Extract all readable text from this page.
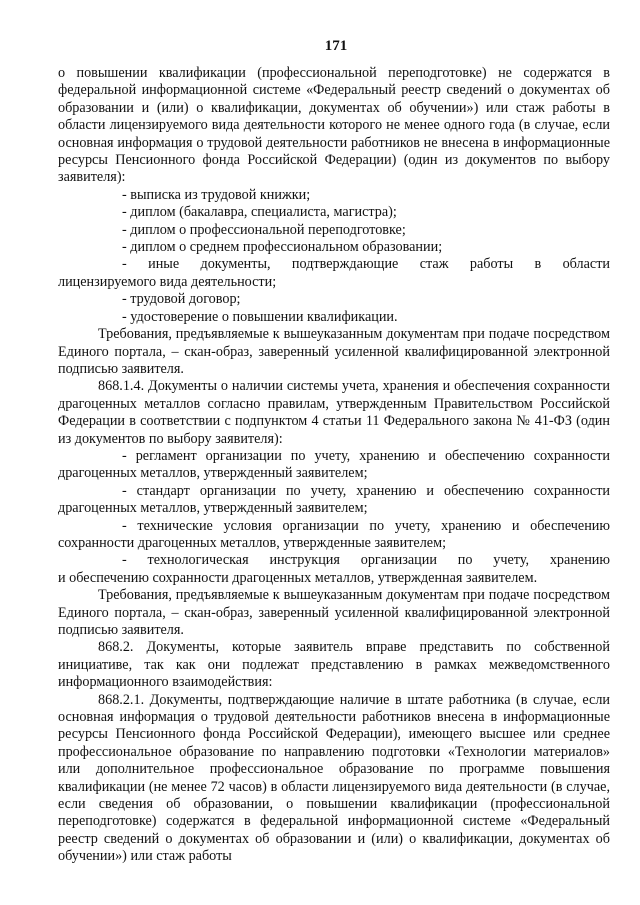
171
о повышении квалификации (профессиональной переподготовке) не содержатся в федеральной информационной системе «Федеральный реестр сведений о документах об образовании и (или) о квалификации, документах об обучении») или стаж работы в области лицензируемого вида деятельности которого не менее одного года (в случае, если основная информация о трудовой деятельности работников не внесена в информационные ресурсы Пенсионного фонда Российской Федерации) (один из документов по выбору заявителя):
- выписка из трудовой книжки;
- диплом (бакалавра, специалиста, магистра);
- диплом о профессиональной переподготовке;
- диплом о среднем профессиональном образовании;
- иные документы, подтверждающие стаж работы в области
лицензируемого вида деятельности;
- трудовой договор;
- удостоверение о повышении квалификации.
Требования, предъявляемые к вышеуказанным документам при подаче посредством Единого портала, – скан-образ, заверенный усиленной квалифицированной электронной подписью заявителя.
868.1.4. Документы о наличии системы учета, хранения и обеспечения сохранности драгоценных металлов согласно правилам, утвержденным Правительством Российской Федерации в соответствии с подпунктом 4 статьи 11 Федерального закона № 41-ФЗ (один из документов по выбору заявителя):
- регламент организации по учету, хранению и обеспечению сохранности
драгоценных металлов, утвержденный заявителем;
- стандарт организации по учету, хранению и обеспечению сохранности
драгоценных металлов, утвержденный заявителем;
- технические условия организации по учету, хранению и обеспечению
сохранности драгоценных металлов, утвержденные заявителем;
- технологическая инструкция организации по учету, хранению
и обеспечению сохранности драгоценных металлов, утвержденная заявителем.
Требования, предъявляемые к вышеуказанным документам при подаче посредством Единого портала, – скан-образ, заверенный усиленной квалифицированной электронной подписью заявителя.
868.2. Документы, которые заявитель вправе представить по собственной инициативе, так как они подлежат представлению в рамках межведомственного информационного взаимодействия:
868.2.1. Документы, подтверждающие наличие в штате работника (в случае, если основная информация о трудовой деятельности работников внесена в информационные ресурсы Пенсионного фонда Российской Федерации), имеющего высшее или среднее профессиональное образование по направлению подготовки «Технологии материалов» или дополнительное профессиональное образование по программе повышения квалификации (не менее 72 часов) в области лицензируемого вида деятельности (в случае, если сведения об образовании, о повышении квалификации (профессиональной переподготовке) содержатся в федеральной информационной системе «Федеральный реестр сведений о документах об образовании и (или) о квалификации, документах об обучении») или стаж работы
